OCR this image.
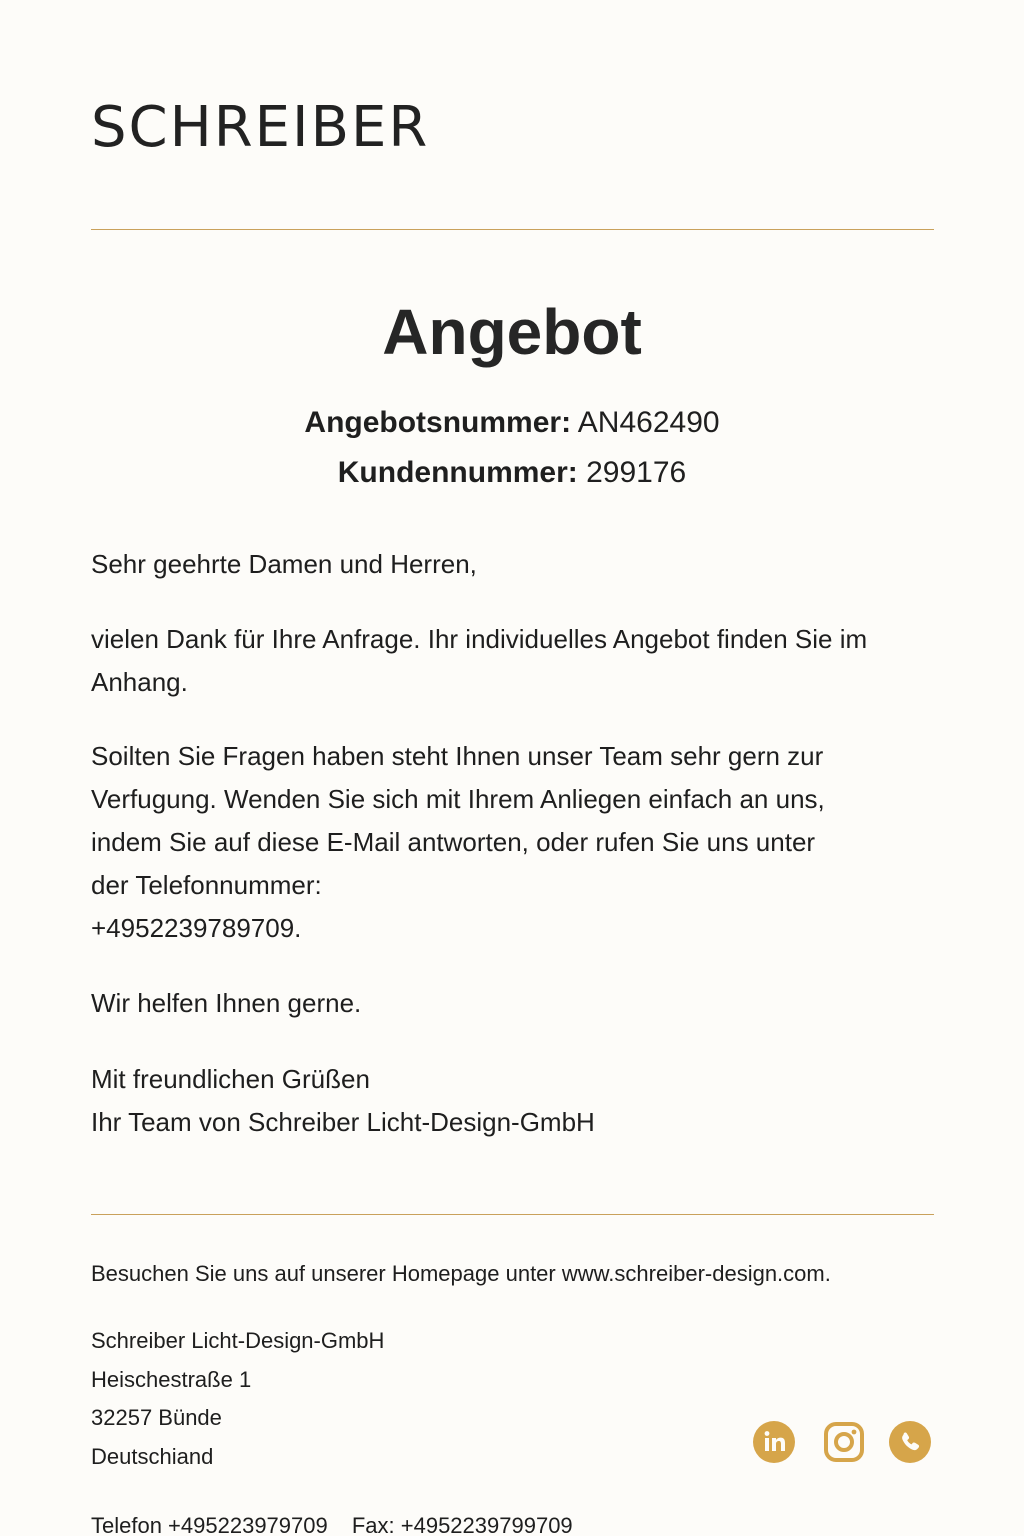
SCHREIBER
Angebot
Angebotsnummer: AN462490
Kundennummer: 299176

Sehr geehrte Damen und Herren,

vielen Dank für Ihre Anfrage. Ihr individuelles Angebot finden Sie im
Anhang.

Soilten Sie Fragen haben steht Ihnen unser Team sehr gern zur
Verfugung. Wenden Sie sich mit Ihrem Anliegen einfach an uns,
indem Sie auf diese E-Mail antworten, oder rufen Sie uns unter
der Telefonnummer:
+4952239789709.

Wir helfen Ihnen gerne.

Mit freundlichen Grüßen
Ihr Team von Schreiber Licht-Design-GmbH

Besuchen Sie uns auf unserer Homepage unter www.schreiber-design.com.
Schreiber Licht-Design-GmbH
Heischestraße 1
32257 Bünde
Deutschiand
Telefon +495223979709 Fax: +4952239799709
